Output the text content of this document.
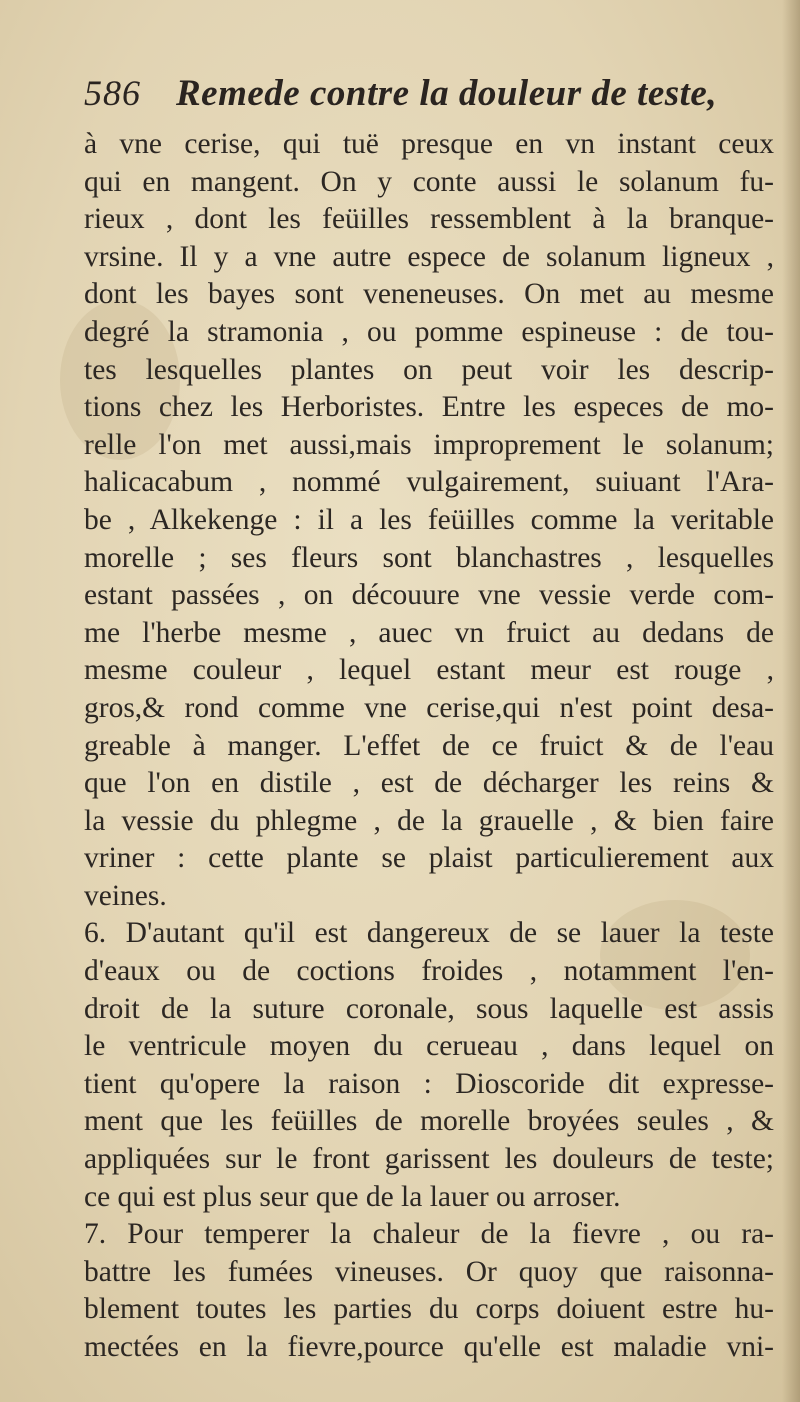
586 Remede contre la douleur de teste,
à vne cerise, qui tuë presque en vn instant ceux
qui en mangent. On y conte aussi le solanum fu-
rieux , dont les feüilles ressemblent à la branque-
vrsine. Il y a vne autre espece de solanum ligneux ,
dont les bayes sont veneneuses. On met au mesme
degré la stramonia , ou pomme espineuse : de tou-
tes lesquelles plantes on peut voir les descrip-
tions chez les Herboristes. Entre les especes de mo-
relle l'on met aussi,mais improprement le solanum;
halicacabum , nommé vulgairement, suiuant l'Ara-
be , Alkekenge : il a les feüilles comme la veritable
morelle ; ses fleurs sont blanchastres , lesquelles
estant passées , on découure vne vessie verde com-
me l'herbe mesme , auec vn fruict au dedans de
mesme couleur , lequel estant meur est rouge ,
gros,& rond comme vne cerise,qui n'est point desa-
greable à manger. L'effet de ce fruict & de l'eau
que l'on en distile , est de décharger les reins &
la vessie du phlegme , de la grauelle , & bien faire
vriner : cette plante se plaist particulierement aux
veines.
6. D'autant qu'il est dangereux de se lauer la teste
d'eaux ou de coctions froides , notamment l'en-
droit de la suture coronale, sous laquelle est assis
le ventricule moyen du cerueau , dans lequel on
tient qu'opere la raison : Dioscoride dit expresse-
ment que les feüilles de morelle broyées seules , &
appliquées sur le front garissent les douleurs de teste;
ce qui est plus seur que de la lauer ou arroser.
7. Pour temperer la chaleur de la fievre , ou ra-
battre les fumées vineuses. Or quoy que raisonna-
blement toutes les parties du corps doiuent estre hu-
mectées en la fievre,pource qu'elle est maladie vni-
